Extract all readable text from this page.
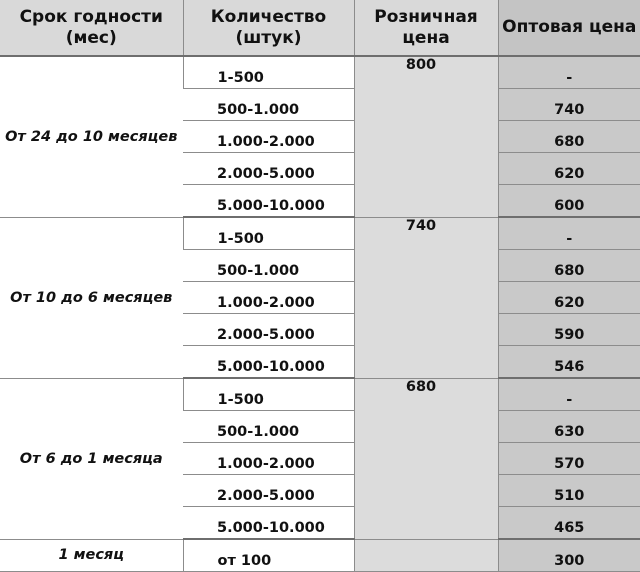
Срок годности (мес)	Количество (штук)	Розничная цена	Оптовая цена
От 24 до 10 месяцев	1-500	800	-
	500-1.000		740
	1.000-2.000		680
	2.000-5.000		620
	5.000-10.000		600
От 10 до 6 месяцев	1-500	740	-
	500-1.000		680
	1.000-2.000		620
	2.000-5.000		590
	5.000-10.000		546
От 6 до 1 месяца	1-500	680	-
	500-1.000		630
	1.000-2.000		570
	2.000-5.000		510
	5.000-10.000		465
1 месяц	от 100		300
